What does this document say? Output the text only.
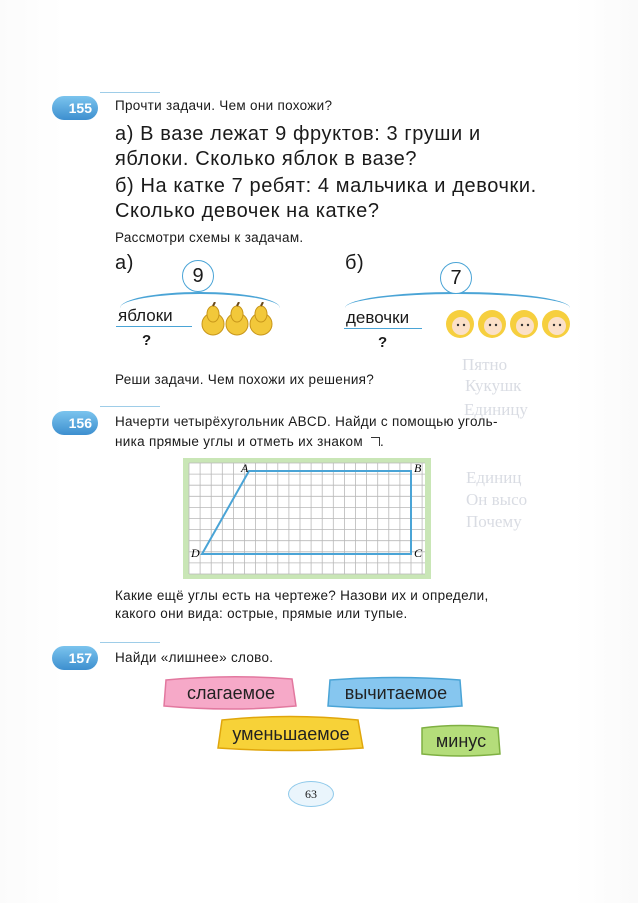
Пятно
Кукушк
Единицу
Единиц
Он высо
Почему
155	Прочти задачи. Чем они похожи?
а) В вазе лежат 9 фруктов: 3 груши и
яблоки. Сколько яблок в вазе?
б) На катке 7 ребят: 4 мальчика и девочки.
Сколько девочек на катке?
Рассмотри схемы к задачам.
а)
9
яблоки
?
б)
7
девочки
?
Реши задачи. Чем похожи их решения?
156	Начерти четырёхугольник ABCD. Найди с помощью уголь-
ника прямые углы и отметь их знаком .
A	B
C
D
Какие ещё углы есть на чертеже? Назови их и определи,
какого они вида: острые, прямые или тупые.
157	Найди «лишнее» слово.
слагаемое	вычитаемое
уменьшаемое	минус
63
